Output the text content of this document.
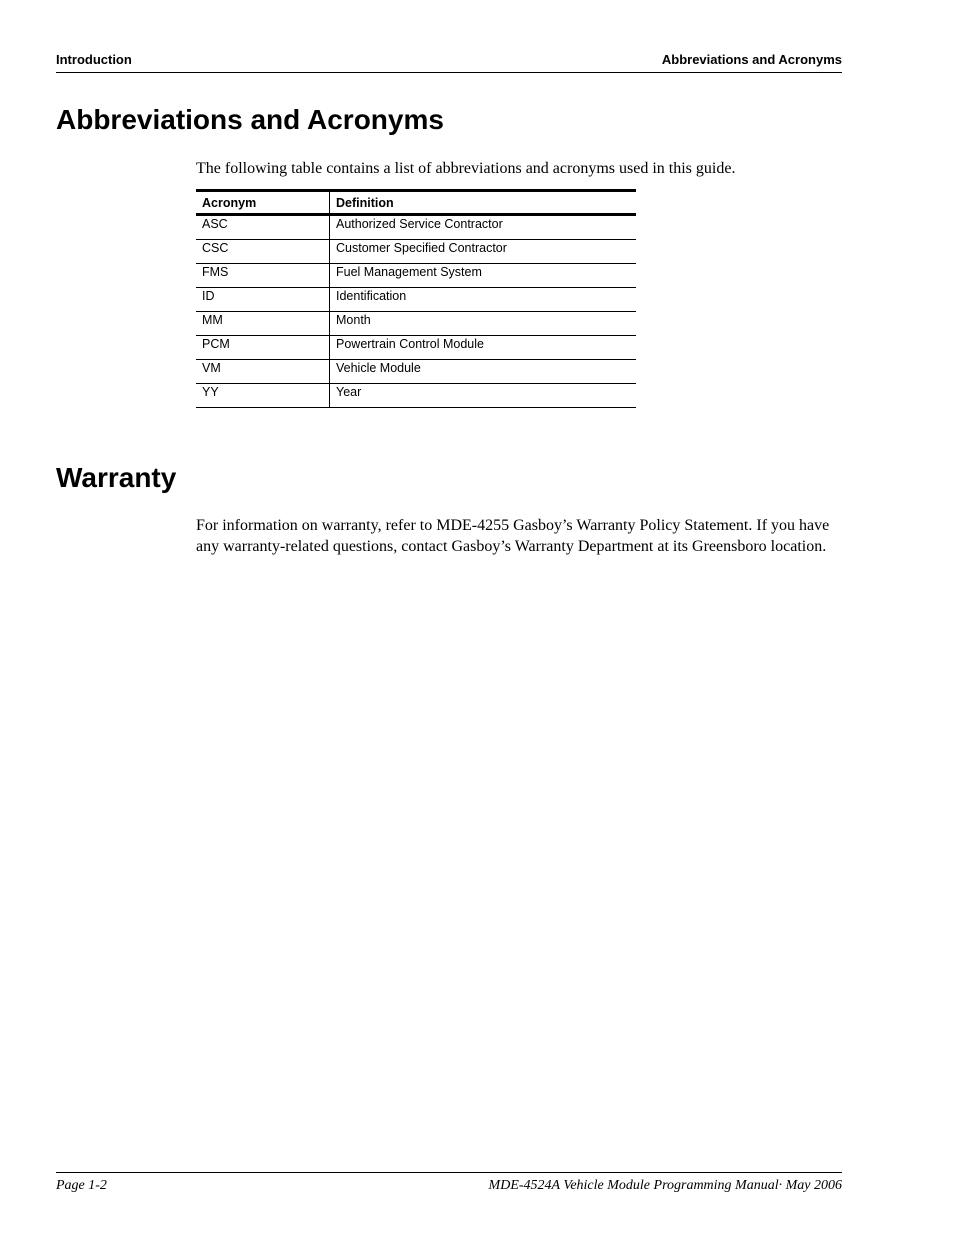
Introduction	Abbreviations and Acronyms
Abbreviations and Acronyms

The following table contains a list of abbreviations and acronyms used in this guide.

Acronym	Definition
ASC	Authorized Service Contractor
CSC	Customer Specified Contractor
FMS	Fuel Management System
ID	Identification
MM	Month
PCM	Powertrain Control Module
VM	Vehicle Module
YY	Year
Warranty

For information on warranty, refer to MDE-4255 Gasboy’s Warranty Policy Statement. If you have any warranty-related questions, contact Gasboy’s Warranty Department at its Greensboro location.

Page 1-2	MDE-4524A Vehicle Module Programming Manual· May 2006
